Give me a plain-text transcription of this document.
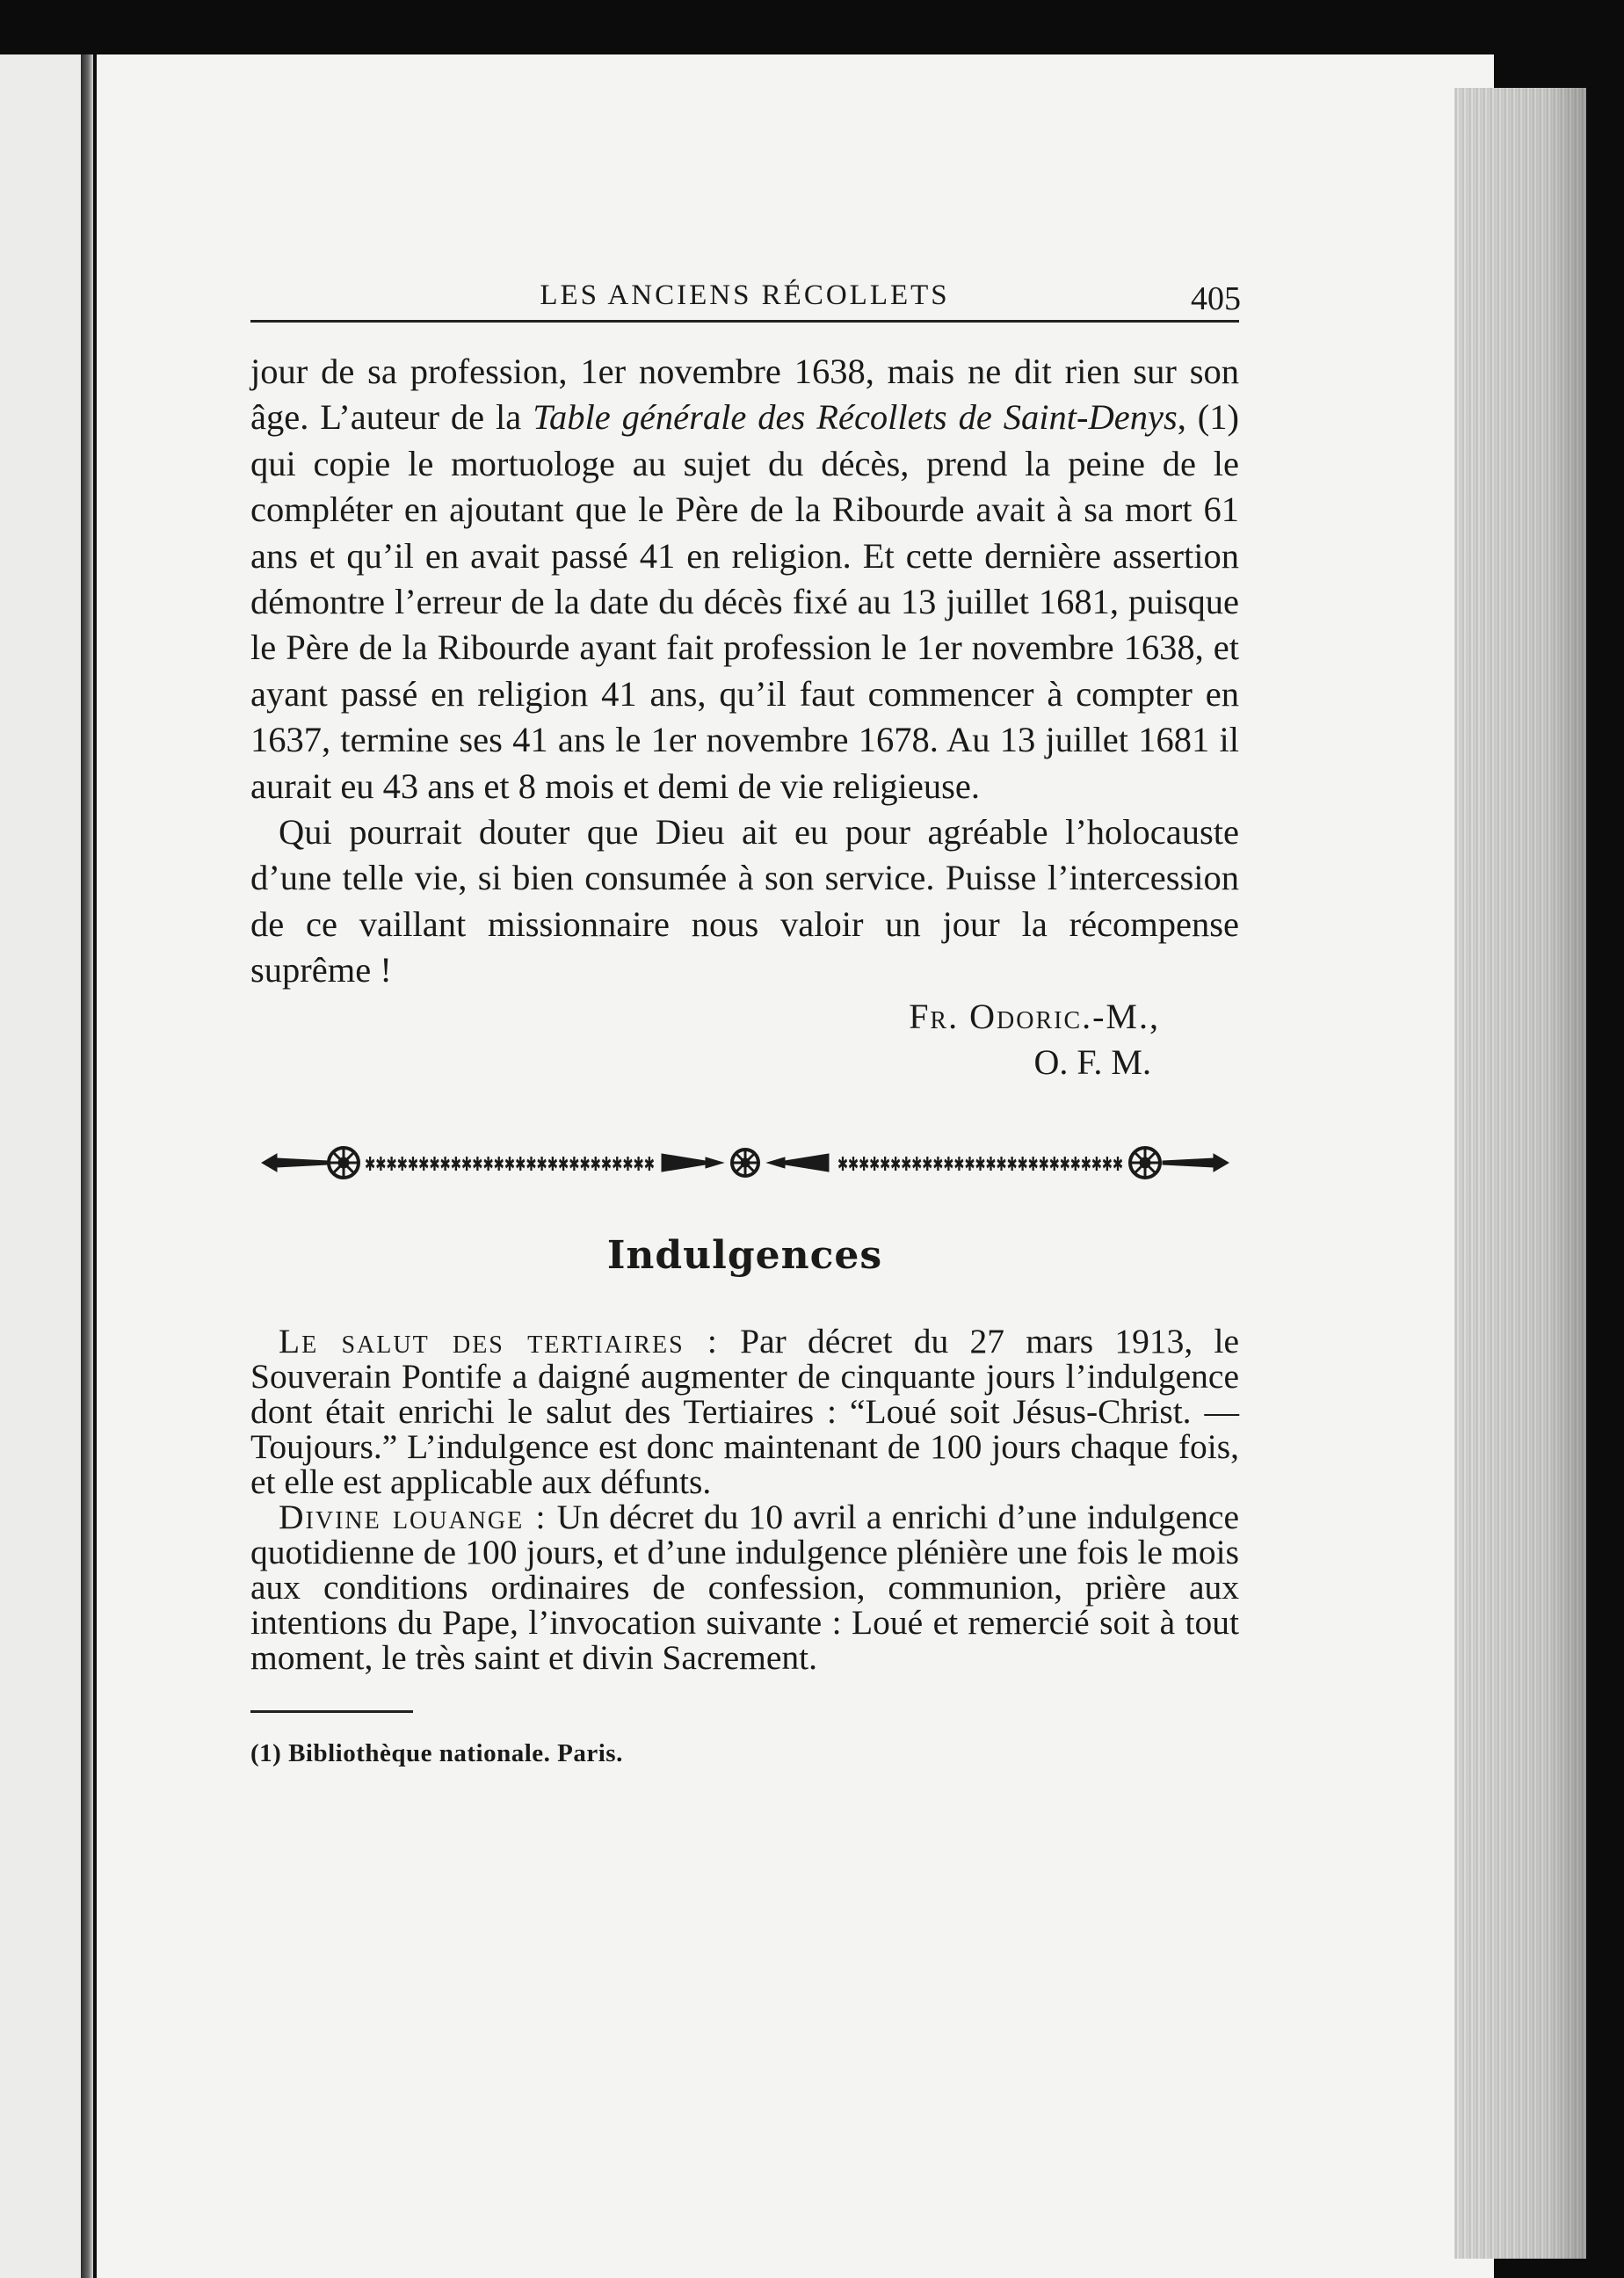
LES ANCIENS RÉCOLLETS	405

jour de sa profession, 1er novembre 1638, mais ne dit rien sur son âge. L’auteur de la Table générale des Récollets de Saint-Denys, (1) qui copie le mortuologe au sujet du décès, prend la peine de le compléter en ajoutant que le Père de la Ribourde avait à sa mort 61 ans et qu’il en avait passé 41 en religion. Et cette dernière assertion démontre l’erreur de la date du décès fixé au 13 juillet 1681, puisque le Père de la Ribourde ayant fait profession le 1er novembre 1638, et ayant passé en religion 41 ans, qu’il faut commencer à compter en 1637, termine ses 41 ans le 1er novembre 1678. Au 13 juillet 1681 il aurait eu 43 ans et 8 mois et demi de vie religieuse.

Qui pourrait douter que Dieu ait eu pour agréable l’holocauste d’une telle vie, si bien consumée à son service. Puisse l’intercession de ce vaillant missionnaire nous valoir un jour la récompense suprême !

Fr. Odoric.-M.,
O. F. M.
✱✱✱✱✱✱✱✱✱✱✱✱✱✱✱✱✱✱✱✱✱✱✱✱✱✱✱	✱✱✱✱✱✱✱✱✱✱✱✱✱✱✱✱✱✱✱✱✱✱✱✱✱✱✱
Indulgences

Le salut des tertiaires : Par décret du 27 mars 1913, le Souverain Pontife a daigné augmenter de cinquante jours l’indulgence dont était enrichi le salut des Tertiaires : “Loué soit Jésus-Christ. — Toujours.” L’indulgence est donc maintenant de 100 jours chaque fois, et elle est applicable aux défunts.

Divine louange : Un décret du 10 avril a enrichi d’une indulgence quotidienne de 100 jours, et d’une indulgence plénière une fois le mois aux conditions ordinaires de confession, communion, prière aux intentions du Pape, l’invocation suivante : Loué et remercié soit à tout moment, le très saint et divin Sacrement.

(1) Bibliothèque nationale. Paris.
